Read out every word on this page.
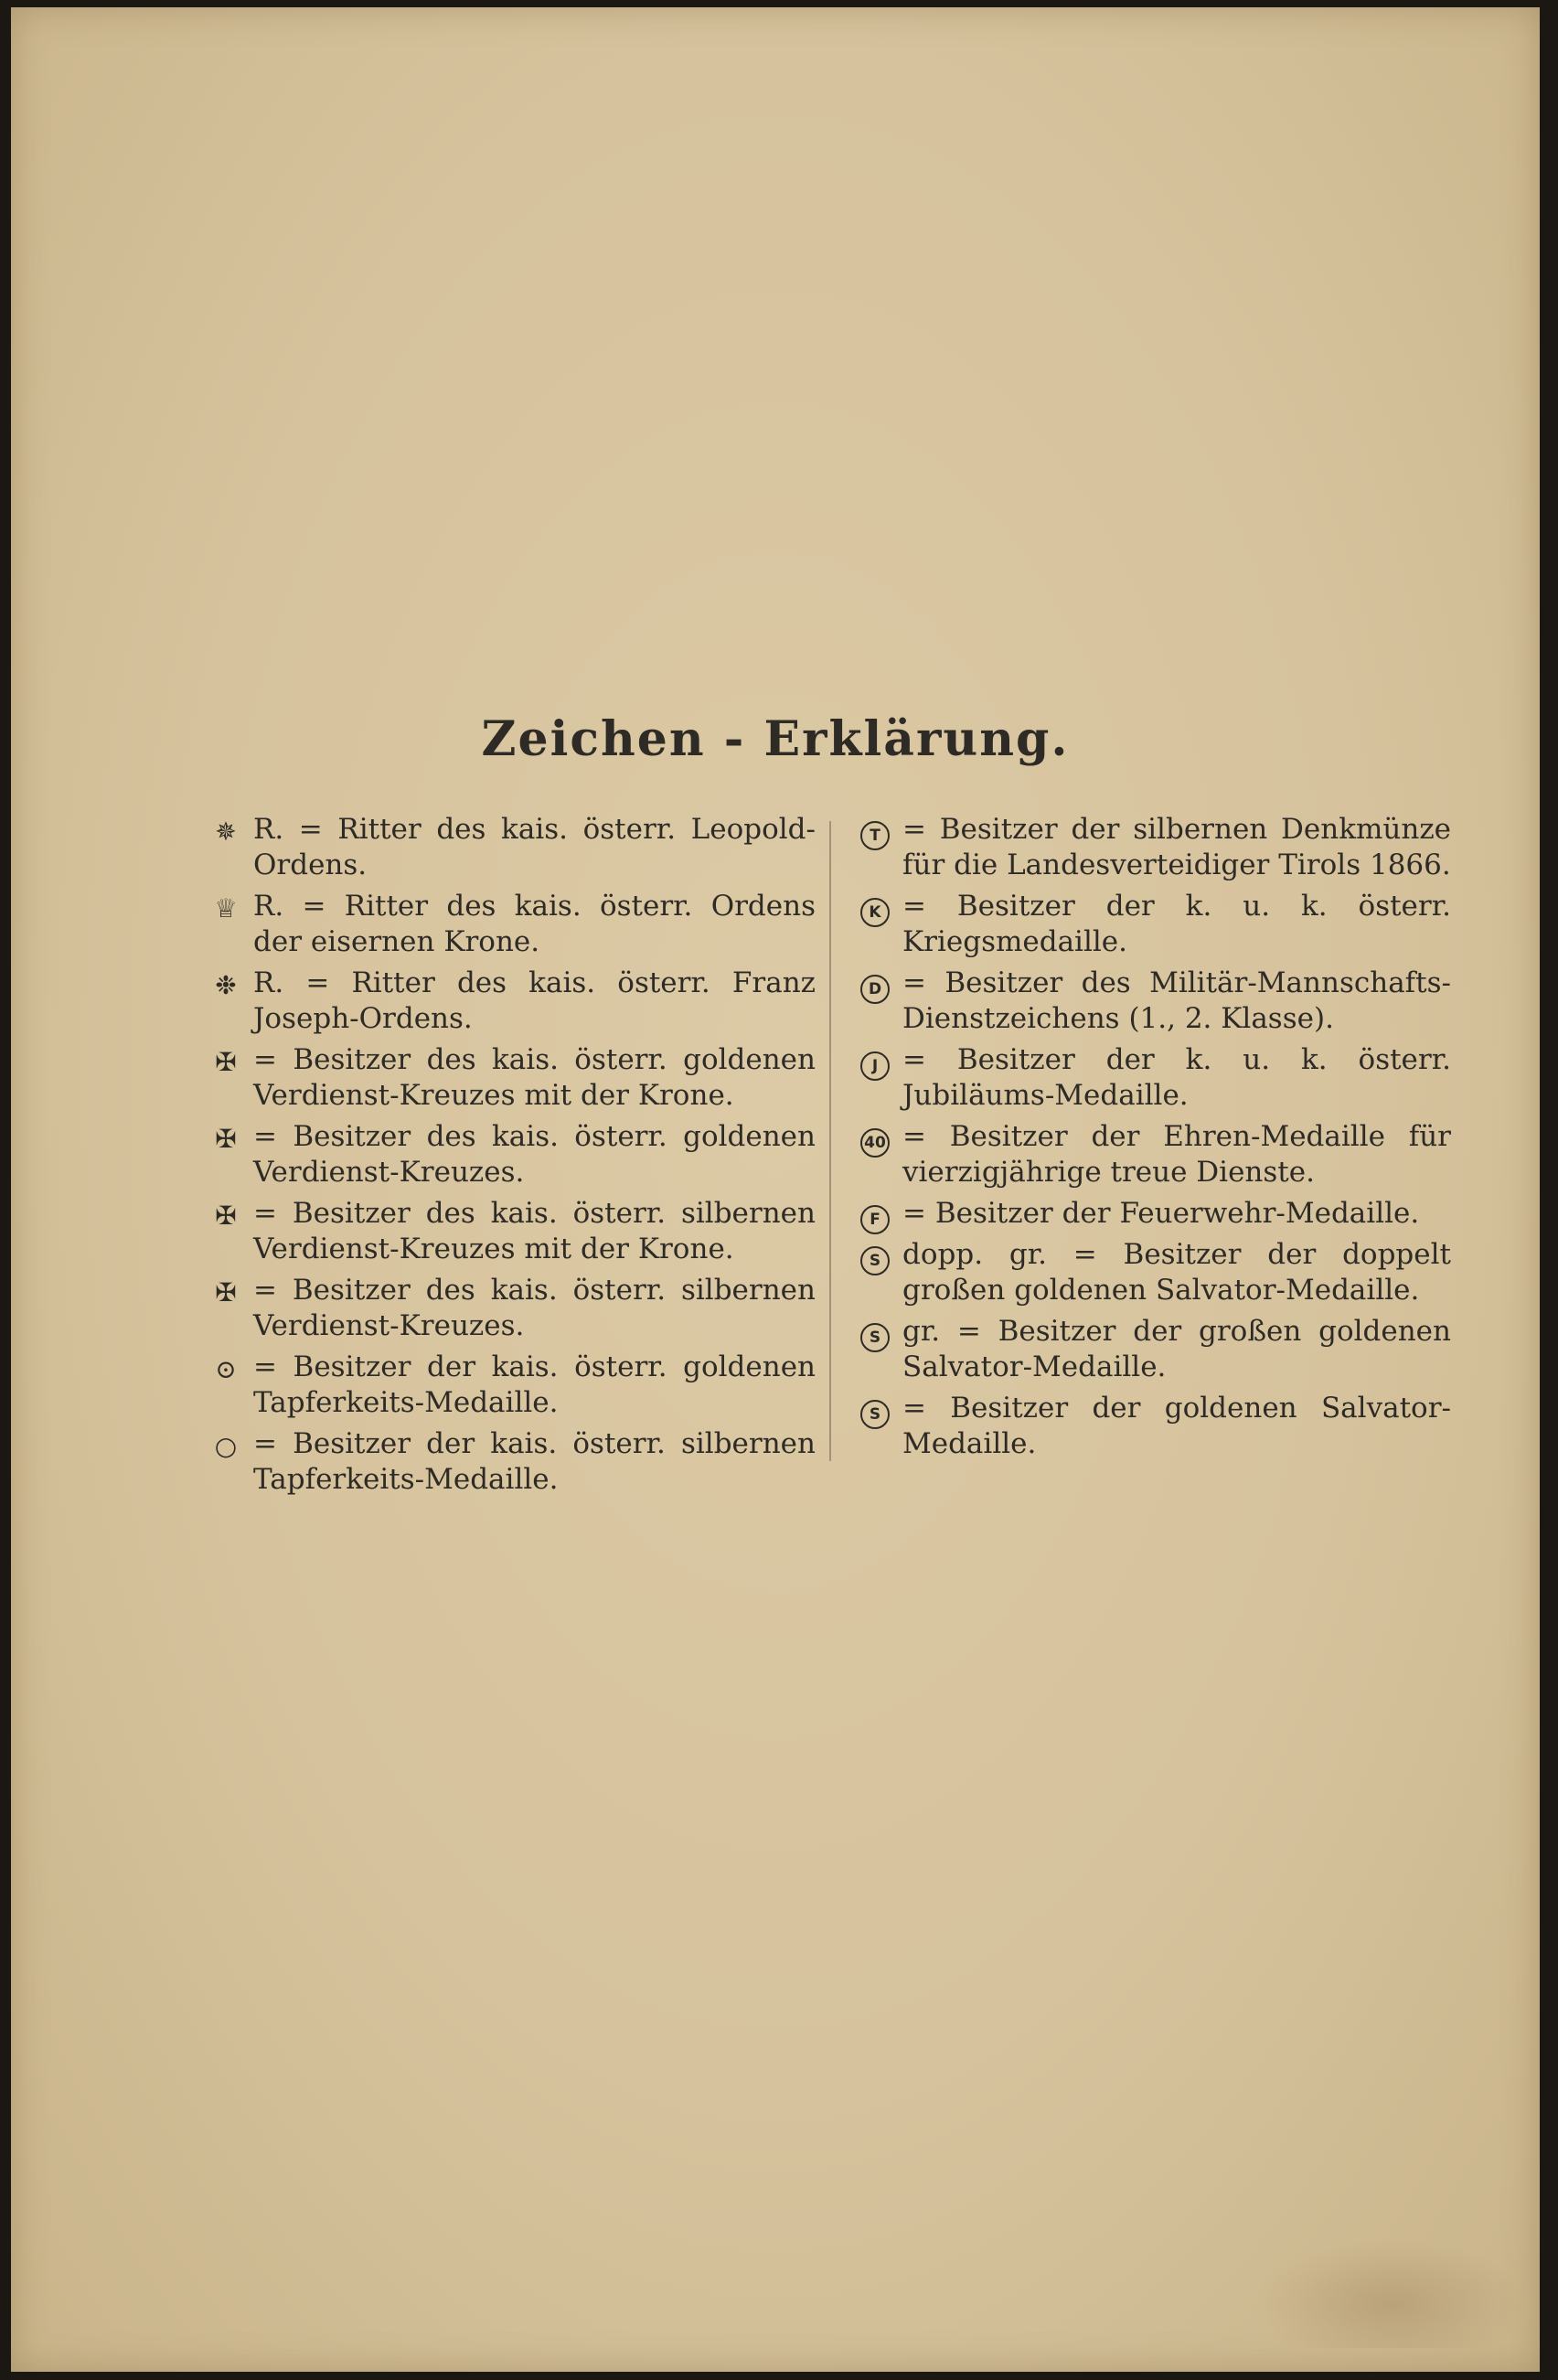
Zeichen - Erklärung.
✵ R. = Ritter des kais. österr. Leopold-Ordens.
♕ R. = Ritter des kais. österr. Ordens der eisernen Krone.
❉ R. = Ritter des kais. österr. Franz Joseph-Ordens.
✠ = Besitzer des kais. österr. goldenen Verdienst-Kreuzes mit der Krone.
✠ = Besitzer des kais. österr. goldenen Verdienst-Kreuzes.
✠ = Besitzer des kais. österr. silbernen Verdienst-Kreuzes mit der Krone.
✠ = Besitzer des kais. österr. silbernen Verdienst-Kreuzes.
⊙ = Besitzer der kais. österr. goldenen Tapferkeits-Medaille.
○ = Besitzer der kais. österr. silbernen Tapferkeits-Medaille.
T = Besitzer der silbernen Denkmünze für die Landesverteidiger Tirols 1866.
K = Besitzer der k. u. k. österr. Kriegsmedaille.
D = Besitzer des Militär-Mannschafts-Dienstzeichens (1., 2. Klasse).
J = Besitzer der k. u. k. österr. Jubiläums-Medaille.
40 = Besitzer der Ehren-Medaille für vierzigjährige treue Dienste.
F = Besitzer der Feuerwehr-Medaille.
S dopp. gr. = Besitzer der doppelt großen goldenen Salvator-Medaille.
S gr. = Besitzer der großen goldenen Salvator-Medaille.
S = Besitzer der goldenen Salvator-Medaille.
